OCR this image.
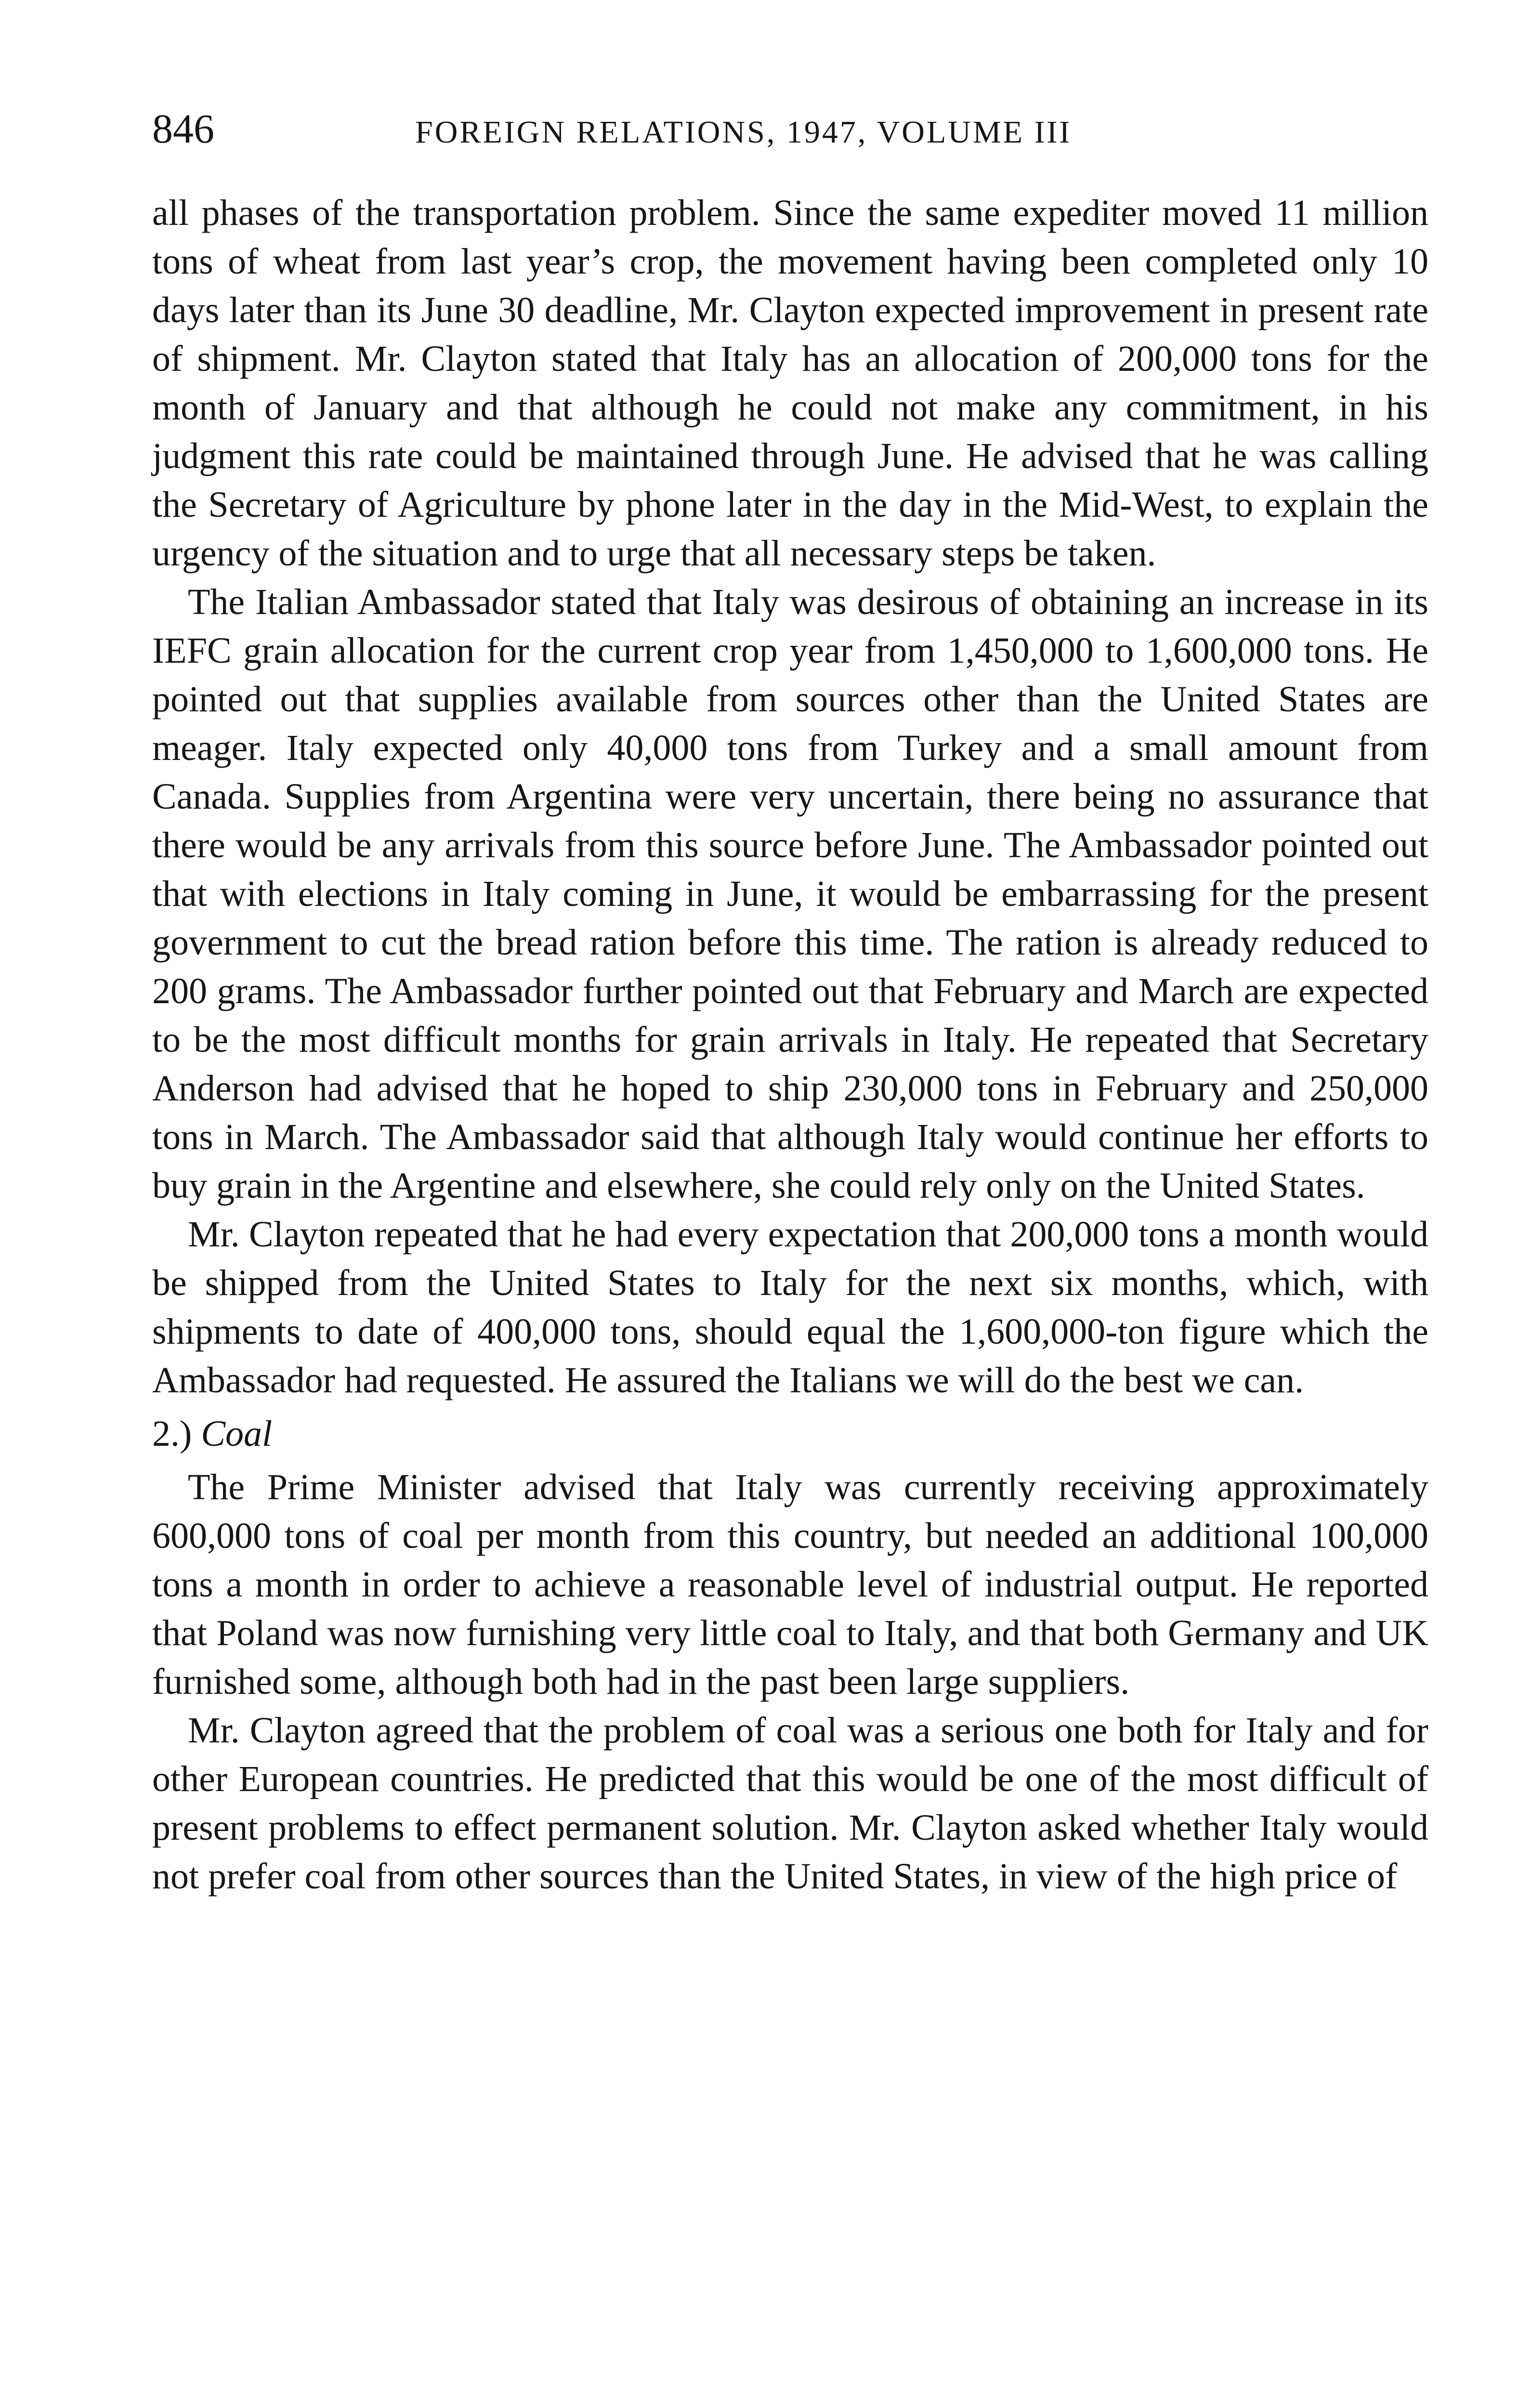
846	FOREIGN RELATIONS, 1947, VOLUME III

all phases of the transportation problem. Since the same expediter moved 11 million tons of wheat from last year’s crop, the movement having been completed only 10 days later than its June 30 deadline, Mr. Clayton expected improvement in present rate of shipment. Mr. Clayton stated that Italy has an allocation of 200,000 tons for the month of January and that although he could not make any commitment, in his judgment this rate could be maintained through June. He advised that he was calling the Secretary of Agriculture by phone later in the day in the Mid-West, to explain the urgency of the situation and to urge that all necessary steps be taken.

The Italian Ambassador stated that Italy was desirous of obtaining an increase in its IEFC grain allocation for the current crop year from 1,450,000 to 1,600,000 tons. He pointed out that supplies available from sources other than the United States are meager. Italy expected only 40,000 tons from Turkey and a small amount from Canada. Supplies from Argentina were very uncertain, there being no assurance that there would be any arrivals from this source before June. The Ambassador pointed out that with elections in Italy coming in June, it would be embarrassing for the present government to cut the bread ration before this time. The ration is already reduced to 200 grams. The Ambassador further pointed out that February and March are expected to be the most difficult months for grain arrivals in Italy. He repeated that Secretary Anderson had advised that he hoped to ship 230,000 tons in February and 250,000 tons in March. The Ambassador said that although Italy would continue her efforts to buy grain in the Argentine and elsewhere, she could rely only on the United States.

Mr. Clayton repeated that he had every expectation that 200,000 tons a month would be shipped from the United States to Italy for the next six months, which, with shipments to date of 400,000 tons, should equal the 1,600,000-ton figure which the Ambassador had requested. He assured the Italians we will do the best we can.

2.) Coal

The Prime Minister advised that Italy was currently receiving approximately 600,000 tons of coal per month from this country, but needed an additional 100,000 tons a month in order to achieve a reasonable level of industrial output. He reported that Poland was now furnishing very little coal to Italy, and that both Germany and UK furnished some, although both had in the past been large suppliers.

Mr. Clayton agreed that the problem of coal was a serious one both for Italy and for other European countries. He predicted that this would be one of the most difficult of present problems to effect permanent solution. Mr. Clayton asked whether Italy would not prefer coal from other sources than the United States, in view of the high price of
